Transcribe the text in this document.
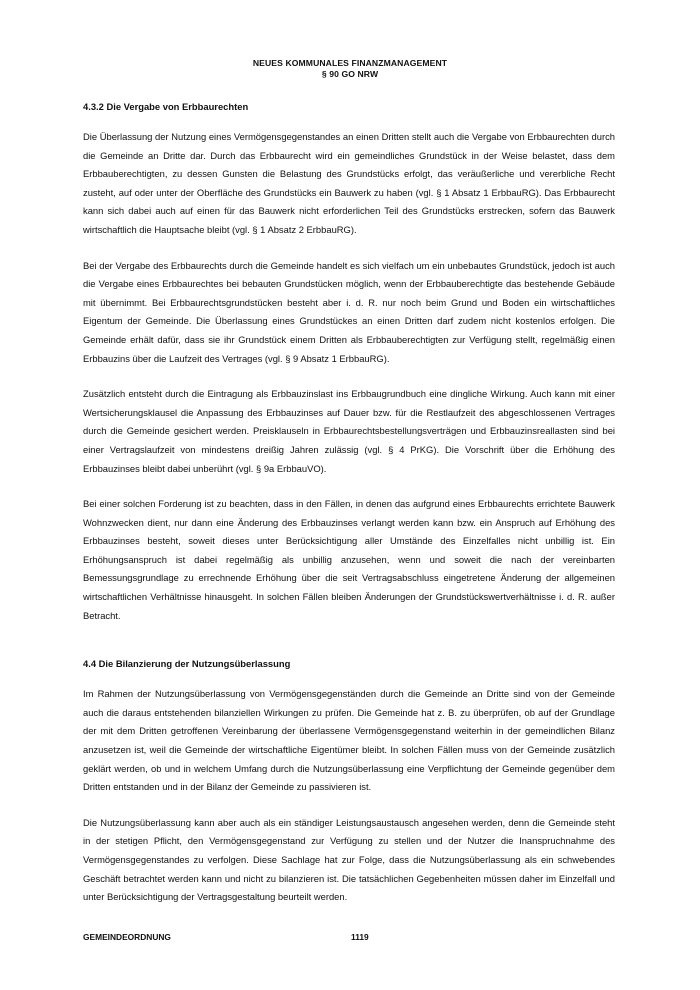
NEUES KOMMUNALES FINANZMANAGEMENT
§ 90 GO NRW
4.3.2 Die Vergabe von Erbbaurechten

Die Überlassung der Nutzung eines Vermögensgegenstandes an einen Dritten stellt auch die Vergabe von Erbbaurechten durch die Gemeinde an Dritte dar. Durch das Erbbaurecht wird ein gemeindliches Grundstück in der Weise belastet, dass dem Erbbauberechtigten, zu dessen Gunsten die Belastung des Grundstücks erfolgt, das veräußerliche und vererbliche Recht zusteht, auf oder unter der Oberfläche des Grundstücks ein Bauwerk zu haben (vgl. § 1 Absatz 1 ErbbauRG). Das Erbbaurecht kann sich dabei auch auf einen für das Bauwerk nicht erforderlichen Teil des Grundstücks erstrecken, sofern das Bauwerk wirtschaftlich die Hauptsache bleibt (vgl. § 1 Absatz 2 ErbbauRG).

Bei der Vergabe des Erbbaurechts durch die Gemeinde handelt es sich vielfach um ein unbebautes Grundstück, jedoch ist auch die Vergabe eines Erbbaurechtes bei bebauten Grundstücken möglich, wenn der Erbbauberechtigte das bestehende Gebäude mit übernimmt. Bei Erbbaurechtsgrundstücken besteht aber i. d. R. nur noch beim Grund und Boden ein wirtschaftliches Eigentum der Gemeinde. Die Überlassung eines Grundstückes an einen Dritten darf zudem nicht kostenlos erfolgen. Die Gemeinde erhält dafür, dass sie ihr Grundstück einem Dritten als Erbbauberechtigten zur Verfügung stellt, regelmäßig einen Erbbauzins über die Laufzeit des Vertrages (vgl. § 9 Absatz 1 ErbbauRG).

Zusätzlich entsteht durch die Eintragung als Erbbauzinslast ins Erbbaugrundbuch eine dingliche Wirkung. Auch kann mit einer Wertsicherungsklausel die Anpassung des Erbbauzinses auf Dauer bzw. für die Restlaufzeit des abgeschlossenen Vertrages durch die Gemeinde gesichert werden. Preisklauseln in Erbbaurechtsbestellungsverträgen und Erbbauzinsreallasten sind bei einer Vertragslaufzeit von mindestens dreißig Jahren zulässig (vgl. § 4 PrKG). Die Vorschrift über die Erhöhung des Erbbauzinses bleibt dabei unberührt (vgl. § 9a ErbbauVO).

Bei einer solchen Forderung ist zu beachten, dass in den Fällen, in denen das aufgrund eines Erbbaurechts errichtete Bauwerk Wohnzwecken dient, nur dann eine Änderung des Erbbauzinses verlangt werden kann bzw. ein Anspruch auf Erhöhung des Erbbauzinses besteht, soweit dieses unter Berücksichtigung aller Umstände des Einzelfalles nicht unbillig ist. Ein Erhöhungsanspruch ist dabei regelmäßig als unbillig anzusehen, wenn und soweit die nach der vereinbarten Bemessungsgrundlage zu errechnende Erhöhung über die seit Vertragsabschluss eingetretene Änderung der allgemeinen wirtschaftlichen Verhältnisse hinausgeht. In solchen Fällen bleiben Änderungen der Grundstückswertverhältnisse i. d. R. außer Betracht.

4.4 Die Bilanzierung der Nutzungsüberlassung

Im Rahmen der Nutzungsüberlassung von Vermögensgegenständen durch die Gemeinde an Dritte sind von der Gemeinde auch die daraus entstehenden bilanziellen Wirkungen zu prüfen. Die Gemeinde hat z. B. zu überprüfen, ob auf der Grundlage der mit dem Dritten getroffenen Vereinbarung der überlassene Vermögensgegenstand weiterhin in der gemeindlichen Bilanz anzusetzen ist, weil die Gemeinde der wirtschaftliche Eigentümer bleibt. In solchen Fällen muss von der Gemeinde zusätzlich geklärt werden, ob und in welchem Umfang durch die Nutzungsüberlassung eine Verpflichtung der Gemeinde gegenüber dem Dritten entstanden und in der Bilanz der Gemeinde zu passivieren ist.

Die Nutzungsüberlassung kann aber auch als ein ständiger Leistungsaustausch angesehen werden, denn die Gemeinde steht in der stetigen Pflicht, den Vermögensgegenstand zur Verfügung zu stellen und der Nutzer die Inanspruchnahme des Vermögensgegenstandes zu verfolgen. Diese Sachlage hat zur Folge, dass die Nutzungsüberlassung als ein schwebendes Geschäft betrachtet werden kann und nicht zu bilanzieren ist. Die tatsächlichen Gegebenheiten müssen daher im Einzelfall und unter Berücksichtigung der Vertragsgestaltung beurteilt werden.

GEMEINDEORDNUNG	1119
